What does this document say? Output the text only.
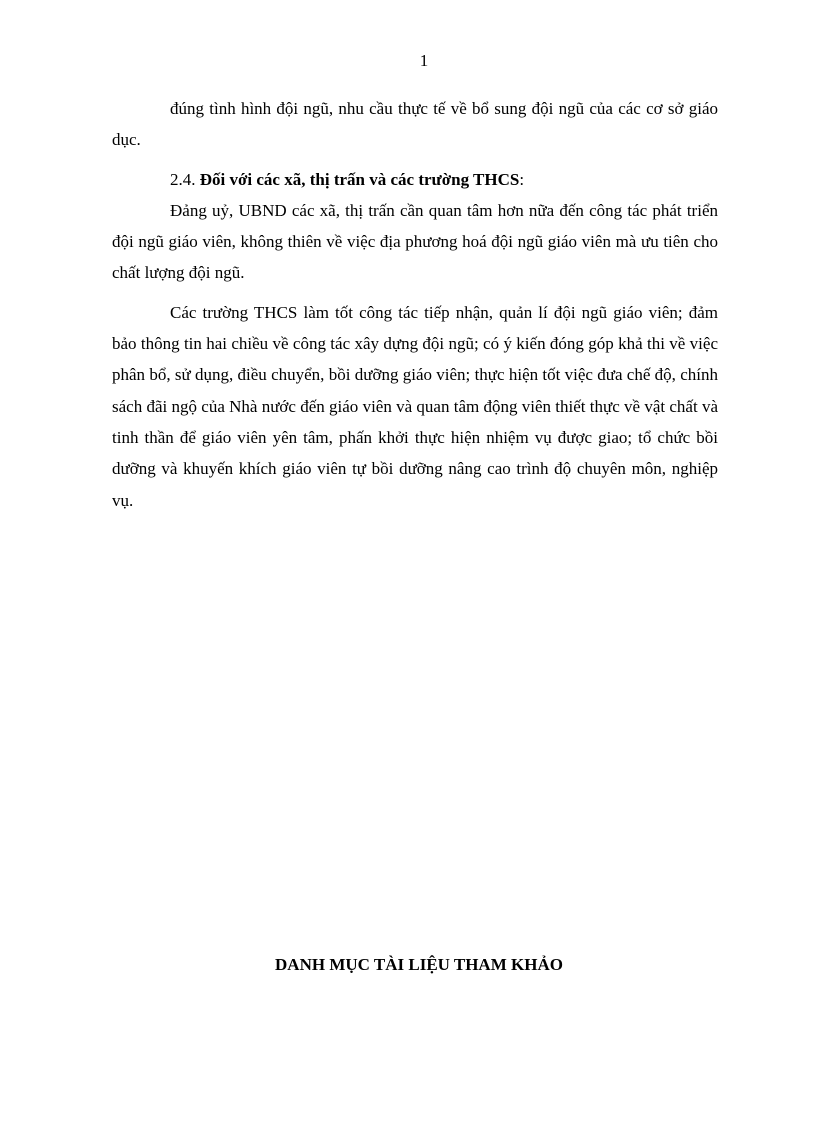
1

đúng tình hình đội ngũ, nhu cầu thực tế về bổ sung đội ngũ của các cơ sở giáo dục.

2.4. Đối với các xã, thị trấn và các trường THCS:

Đảng uỷ, UBND các xã, thị trấn cần quan tâm hơn nữa đến công tác phát triển đội ngũ giáo viên, không thiên về việc địa phương hoá đội ngũ giáo viên mà ưu tiên cho chất lượng đội ngũ.

Các trường THCS làm tốt công tác tiếp nhận, quản lí đội ngũ giáo viên; đảm bảo thông tin hai chiều về công tác xây dựng đội ngũ; có ý kiến đóng góp khả thi về việc phân bổ, sử dụng, điều chuyển, bồi dưỡng giáo viên; thực hiện tốt việc đưa chế độ, chính sách đãi ngộ của Nhà nước đến giáo viên và quan tâm động viên thiết thực về vật chất và tinh thần để giáo viên yên tâm, phấn khởi thực hiện nhiệm vụ được giao; tổ chức bồi dưỡng và khuyến khích giáo viên tự bồi dưỡng nâng cao trình độ chuyên môn, nghiệp vụ.

DANH MỤC TÀI LIỆU THAM KHẢO
